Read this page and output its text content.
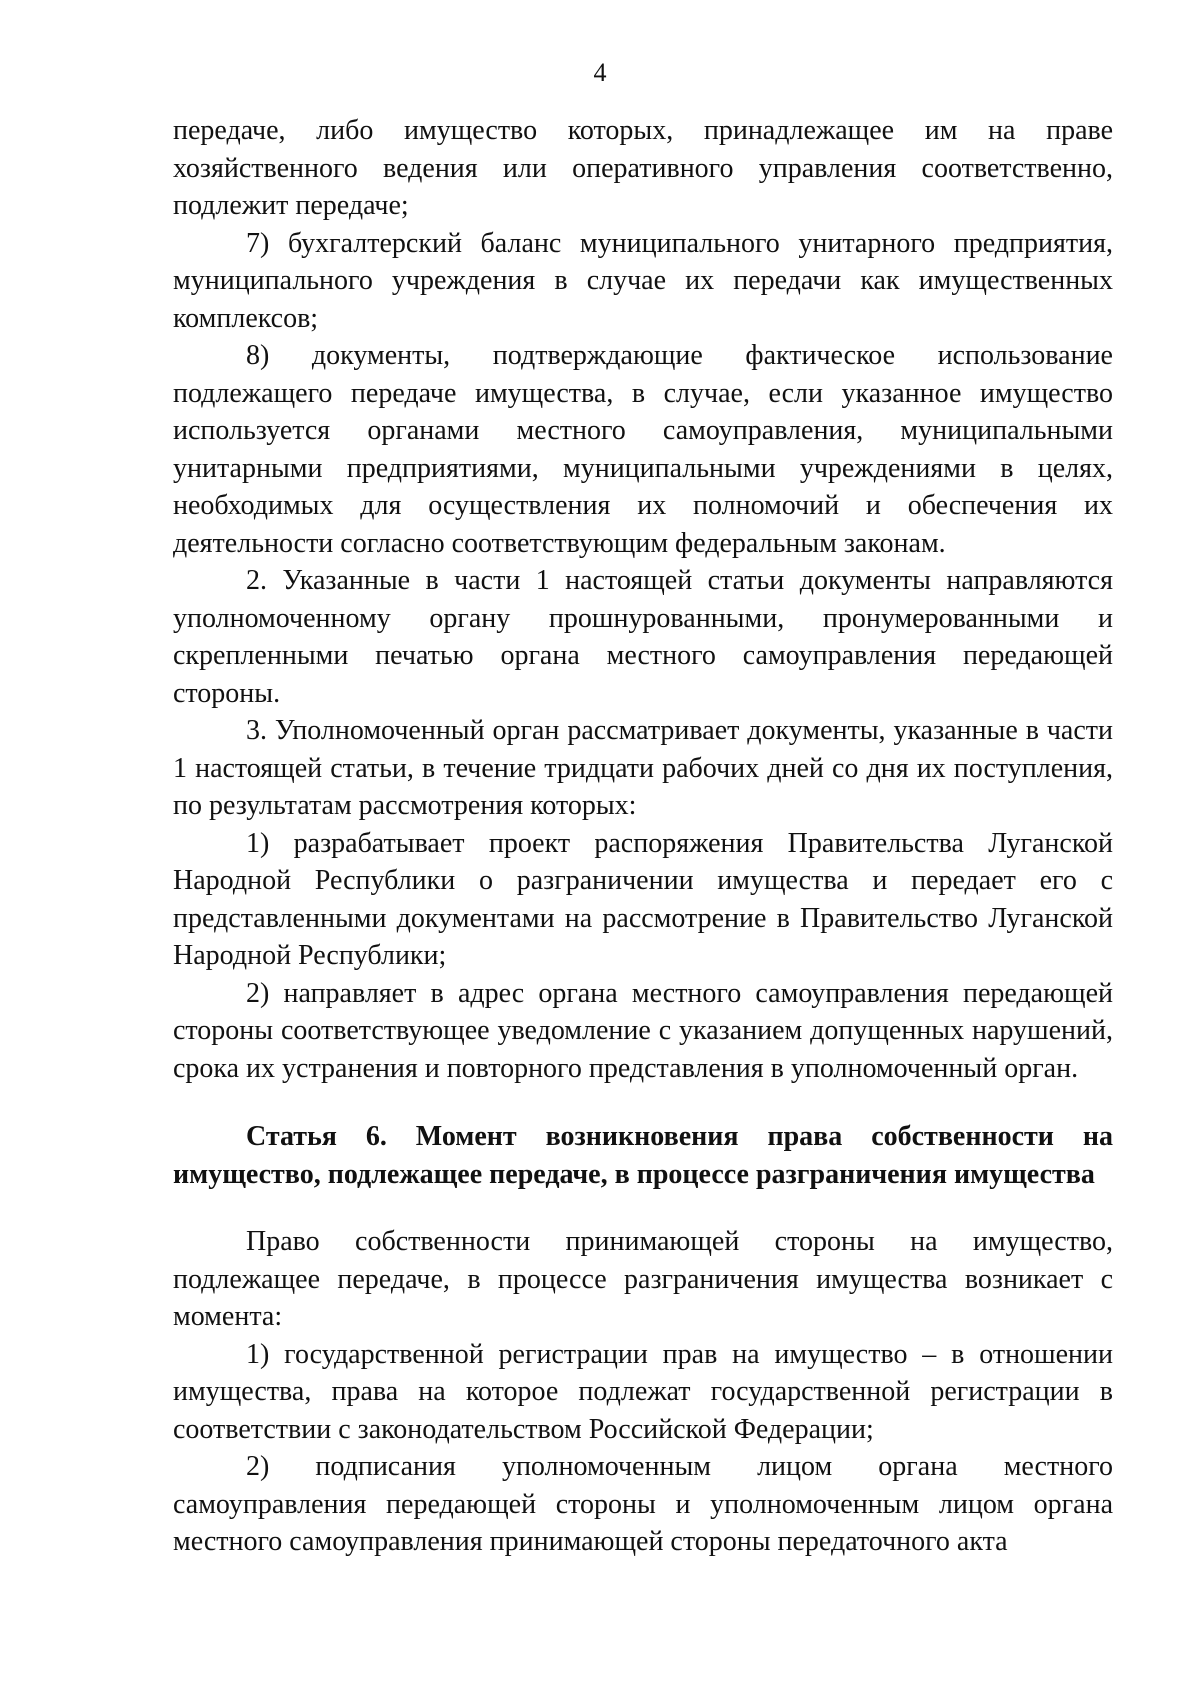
4

передаче, либо имущество которых, принадлежащее им на праве хозяйственного ведения или оперативного управления соответственно, подлежит передаче;

7) бухгалтерский баланс муниципального унитарного предприятия, муниципального учреждения в случае их передачи как имущественных комплексов;

8) документы, подтверждающие фактическое использование подлежащего передаче имущества, в случае, если указанное имущество используется органами местного самоуправления, муниципальными унитарными предприятиями, муниципальными учреждениями в целях, необходимых для осуществления их полномочий и обеспечения их деятельности согласно соответствующим федеральным законам.

2. Указанные в части 1 настоящей статьи документы направляются уполномоченному органу прошнурованными, пронумерованными и скрепленными печатью органа местного самоуправления передающей стороны.

3. Уполномоченный орган рассматривает документы, указанные в части 1 настоящей статьи, в течение тридцати рабочих дней со дня их поступления, по результатам рассмотрения которых:

1) разрабатывает проект распоряжения Правительства Луганской Народной Республики о разграничении имущества и передает его с представленными документами на рассмотрение в Правительство Луганской Народной Республики;

2) направляет в адрес органа местного самоуправления передающей стороны соответствующее уведомление с указанием допущенных нарушений, срока их устранения и повторного представления в уполномоченный орган.

Статья 6. Момент возникновения права собственности на имущество, подлежащее передаче, в процессе разграничения имущества

Право собственности принимающей стороны на имущество, подлежащее передаче, в процессе разграничения имущества возникает с момента:

1) государственной регистрации прав на имущество – в отношении имущества, права на которое подлежат государственной регистрации в соответствии с законодательством Российской Федерации;

2) подписания уполномоченным лицом органа местного самоуправления передающей стороны и уполномоченным лицом органа местного самоуправления принимающей стороны передаточного акта
